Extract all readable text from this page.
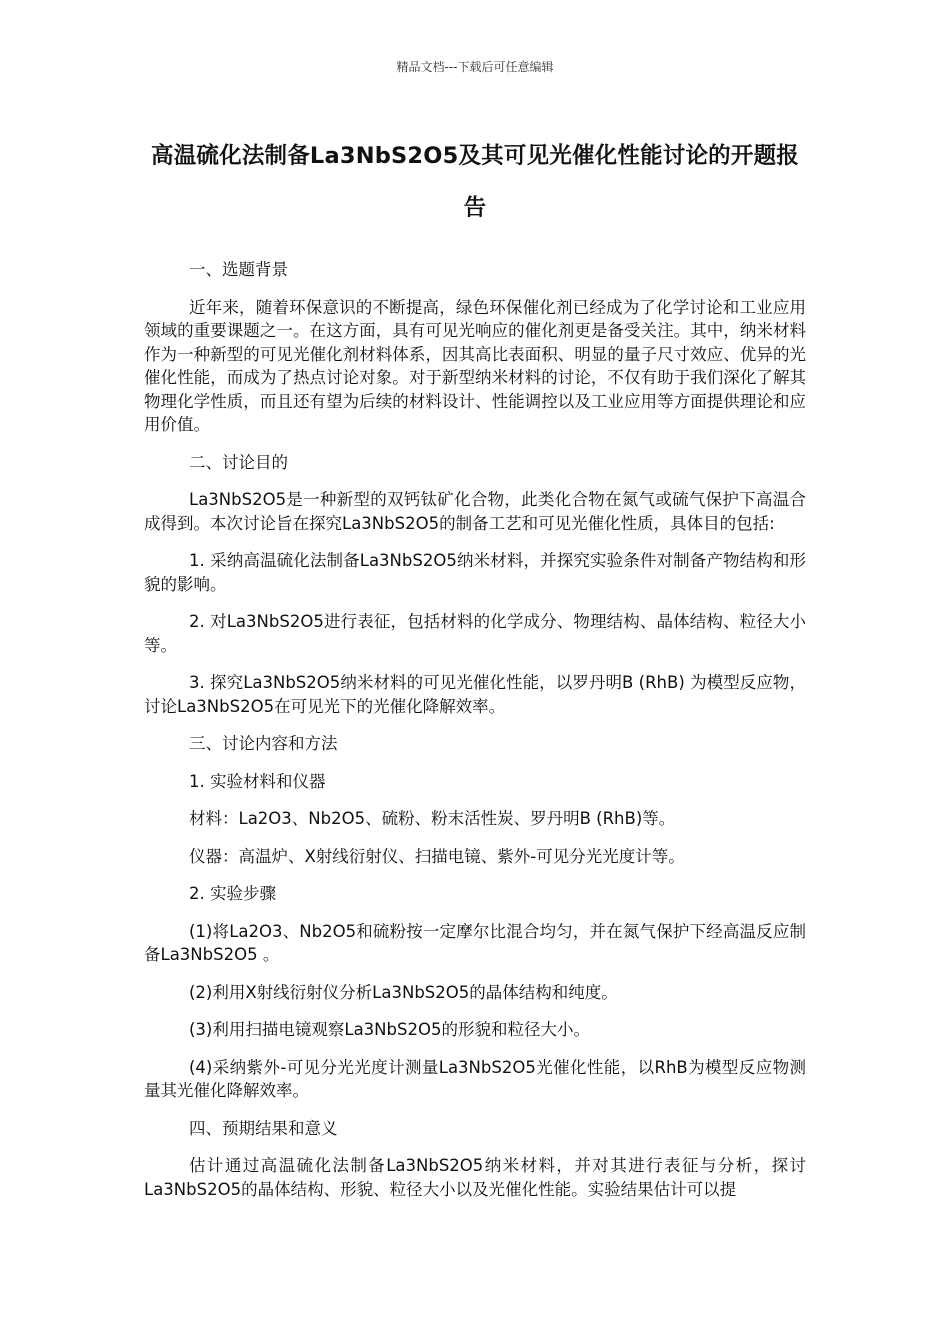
精品文档---下载后可任意编辑
高温硫化法制备La3NbS2O5及其可见光催化性能讨论的开题报告
一、选题背景

近年来，随着环保意识的不断提高，绿色环保催化剂已经成为了化学讨论和工业应用领域的重要课题之一。在这方面，具有可见光响应的催化剂更是备受关注。其中，纳米材料作为一种新型的可见光催化剂材料体系，因其高比表面积、明显的量子尺寸效应、优异的光催化性能，而成为了热点讨论对象。对于新型纳米材料的讨论，不仅有助于我们深化了解其物理化学性质，而且还有望为后续的材料设计、性能调控以及工业应用等方面提供理论和应用价值。

二、讨论目的

La3NbS2O5是一种新型的双钙钛矿化合物，此类化合物在氮气或硫气保护下高温合成得到。本次讨论旨在探究La3NbS2O5的制备工艺和可见光催化性质，具体目的包括:

1. 采纳高温硫化法制备La3NbS2O5纳米材料，并探究实验条件对制备产物结构和形貌的影响。

2. 对La3NbS2O5进行表征，包括材料的化学成分、物理结构、晶体结构、粒径大小等。

3. 探究La3NbS2O5纳米材料的可见光催化性能，以罗丹明B (RhB) 为模型反应物，讨论La3NbS2O5在可见光下的光催化降解效率。

三、讨论内容和方法
1. 实验材料和仪器
材料：La2O3、Nb2O5、硫粉、粉末活性炭、罗丹明B (RhB)等。
仪器：高温炉、X射线衍射仪、扫描电镜、紫外-可见分光光度计等。
2. 实验步骤

(1)将La2O3、Nb2O5和硫粉按一定摩尔比混合均匀，并在氮气保护下经高温反应制备La3NbS2O5 。

(2)利用X射线衍射仪分析La3NbS2O5的晶体结构和纯度。

(3)利用扫描电镜观察La3NbS2O5的形貌和粒径大小。

(4)采纳紫外-可见分光光度计测量La3NbS2O5光催化性能，以RhB为模型反应物测量其光催化降解效率。

四、预期结果和意义

估计通过高温硫化法制备La3NbS2O5纳米材料，并对其进行表征与分析，探讨La3NbS2O5的晶体结构、形貌、粒径大小以及光催化性能。实验结果估计可以提
